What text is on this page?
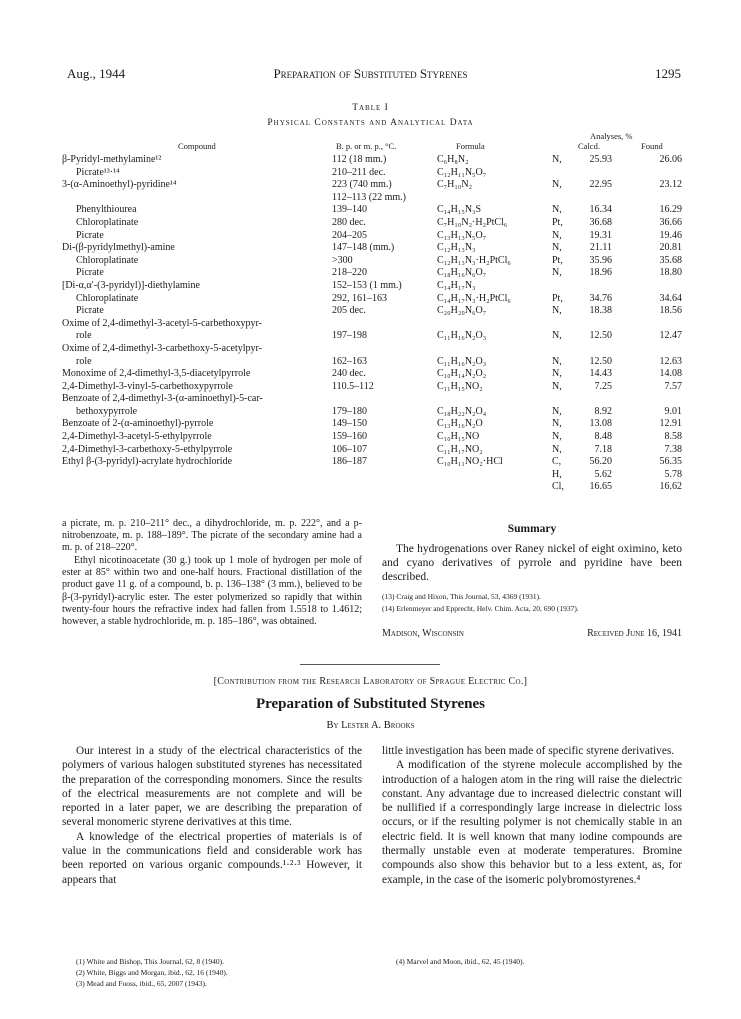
Aug., 1944	Preparation of Substituted Styrenes	1295
Table I
Physical Constants and Analytical Data
Compound	B. p. or m. p., °C.	Formula
Analyses, %
Calcd.	Found
β-Pyridyl-methylamine¹²	112 (18 mm.)	C₆H₈N₂	N, 25.93	26.06
Picrate¹³·¹⁴	210–211 dec.	C₁₂H₁₁N₅O₇		
3-(α-Aminoethyl)-pyridine¹⁴	223 (740 mm.)	C₇H₁₀N₂	N, 22.95	23.12
	112–113 (22 mm.)			
Phenylthiourea	139–140	C₁₄H₁₅N₃S	N, 16.34	16.29
Chloroplatinate	280 dec.	C₇H₁₀N₂·H₂PtCl₆	Pt, 36.68	36.66
Picrate	204–205	C₁₃H₁₃N₅O₇	N, 19.31	19.46
Di-(β-pyridylmethyl)-amine	147–148 (mm.)	C₁₂H₁₃N₃	N, 21.11	20.81
Chloroplatinate	>300	C₁₂H₁₃N₃·H₂PtCl₆	Pt, 35.96	35.68
Picrate	218–220	C₁₈H₁₆N₆O₇	N, 18.96	18.80
[Di-α,α′-(3-pyridyl)]-diethylamine	152–153 (1 mm.)	C₁₄H₁₇N₃		
Chloroplatinate	292, 161–163	C₁₄H₁₇N₃·H₂PtCl₆	Pt, 34.76	34.64
Picrate	205 dec.	C₂₀H₂₀N₆O₇	N, 18.38	18.56
Oxime of 2,4-dimethyl-3-acetyl-5-carbethoxypyr-				
role	197–198	C₁₁H₁₆N₂O₃	N, 12.50	12.47
Oxime of 2,4-dimethyl-3-carbethoxy-5-acetylpyr-				
role	162–163	C₁₁H₁₆N₂O₃	N, 12.50	12.63
Monoxime of 2,4-dimethyl-3,5-diacetylpyrrole	240 dec.	C₁₀H₁₄N₂O₂	N, 14.43	14.08
2,4-Dimethyl-3-vinyl-5-carbethoxypyrrole	110.5–112	C₁₁H₁₅NO₂	N, 7.25	7.57
Benzoate of 2,4-dimethyl-3-(α-aminoethyl)-5-car-				
bethoxypyrrole	179–180	C₁₈H₂₂N₂O₄	N, 8.92	9.01
Benzoate of 2-(α-aminoethyl)-pyrrole	149–150	C₁₃H₁₆N₂O	N, 13.08	12.91
2,4-Dimethyl-3-acetyl-5-ethylpyrrole	159–160	C₁₀H₁₅NO	N, 8.48	8.58
2,4-Dimethyl-3-carbethoxy-5-ethylpyrrole	106–107	C₁₁H₁₇NO₂	N, 7.18	7.38
Ethyl β-(3-pyridyl)-acrylate hydrochloride	186–187	C₁₀H₁₁NO₂·HCl	C, 56.20	56.35
			H, 5.62	5.78
			Cl, 16.65	16.62
a picrate, m. p. 210–211° dec., a dihydrochloride, m. p. 222°, and a p-nitrobenzoate, m. p. 188–189°. The picrate of the secondary amine had a m. p. of 218–220°.
Ethyl nicotinoacetate (30 g.) took up 1 mole of hydrogen per mole of ester at 85° within two and one-half hours. Fractional distillation of the product gave 11 g. of a compound, b. p. 136–138° (3 mm.), believed to be β-(3-pyridyl)-acrylic ester. The ester polymerized so rapidly that within twenty-four hours the refractive index had fallen from 1.5518 to 1.4612; however, a stable hydrochloride, m. p. 185–186°, was obtained.
Summary
The hydrogenations over Raney nickel of eight oximino, keto and cyano derivatives of pyrrole and pyridine have been described.
(13) Craig and Hixon, This Journal, 53, 4369 (1931).
(14) Erlenmeyer and Epprecht, Helv. Chim. Acta, 20, 690 (1937).
Madison, Wisconsin	Received June 16, 1941
[Contribution from the Research Laboratory of Sprague Electric Co.]
Preparation of Substituted Styrenes
By Lester A. Brooks

Our interest in a study of the electrical characteristics of the polymers of various halogen substituted styrenes has necessitated the preparation of the corresponding monomers. Since the results of the electrical measurements are not complete and will be reported in a later paper, we are describing the preparation of several monomeric styrene derivatives at this time.

A knowledge of the electrical properties of materials is of value in the communications field and considerable work has been reported on various organic compounds.¹·²·³ However, it appears that

little investigation has been made of specific styrene derivatives.

A modification of the styrene molecule accomplished by the introduction of a halogen atom in the ring will raise the dielectric constant. Any advantage due to increased dielectric constant will be nullified if a correspondingly large increase in dielectric loss occurs, or if the resulting polymer is not chemically stable in an electric field. It is well known that many iodine compounds are thermally unstable even at moderate temperatures. Bromine compounds also show this behavior but to a less extent, as, for example, in the case of the isomeric polybromostyrenes.⁴

(1) White and Bishop, This Journal, 62, 8 (1940).
(2) White, Biggs and Morgan, ibid., 62, 16 (1940).
(3) Mead and Fuoss, ibid., 65, 2007 (1943).
(4) Marvel and Moon, ibid., 62, 45 (1940).
